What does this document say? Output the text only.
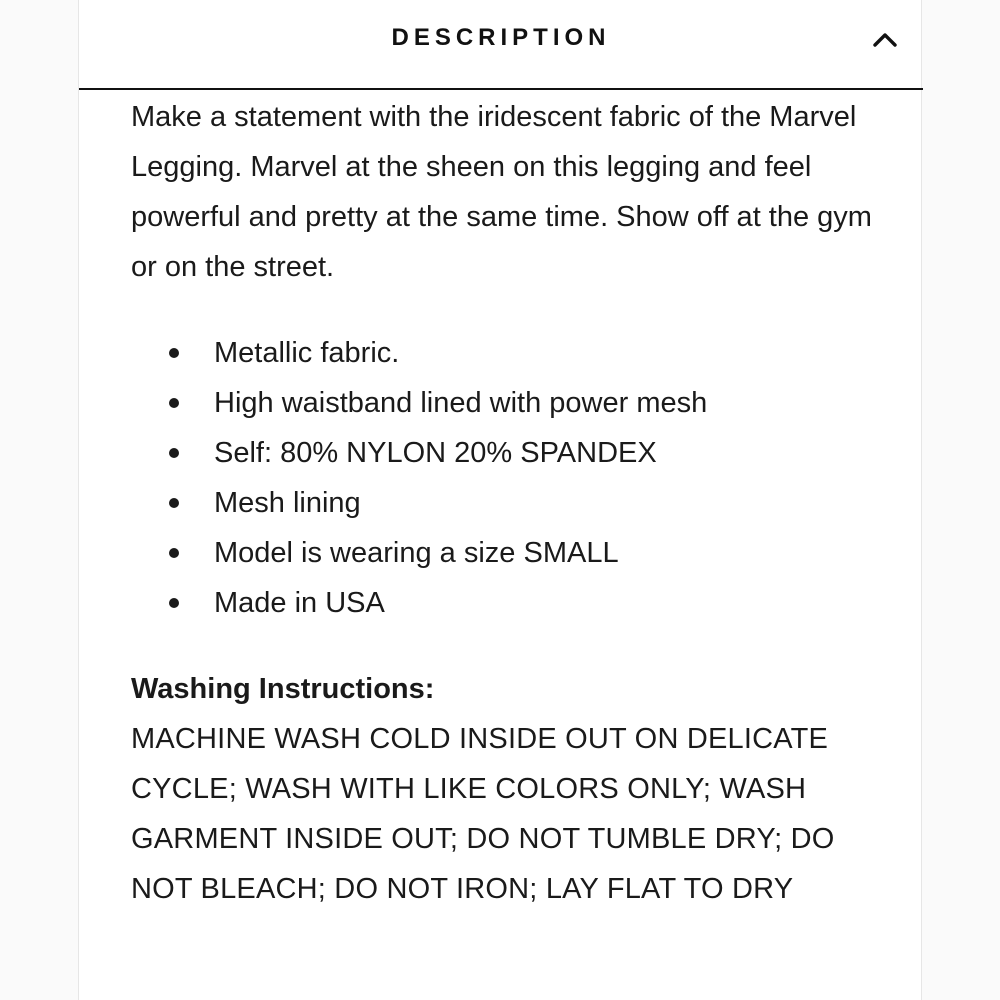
DESCRIPTION

Make a statement with the iridescent fabric of the Marvel Legging. Marvel at the sheen on this legging and feel powerful and pretty at the same time. Show off at the gym or on the street.

Metallic fabric.
High waistband lined with power mesh
Self: 80% NYLON 20% SPANDEX
Mesh lining
Model is wearing a size SMALL
Made in USA

Washing Instructions:

MACHINE WASH COLD INSIDE OUT ON DELICATE CYCLE; WASH WITH LIKE COLORS ONLY; WASH GARMENT INSIDE OUT; DO NOT TUMBLE DRY; DO NOT BLEACH; DO NOT IRON; LAY FLAT TO DRY
